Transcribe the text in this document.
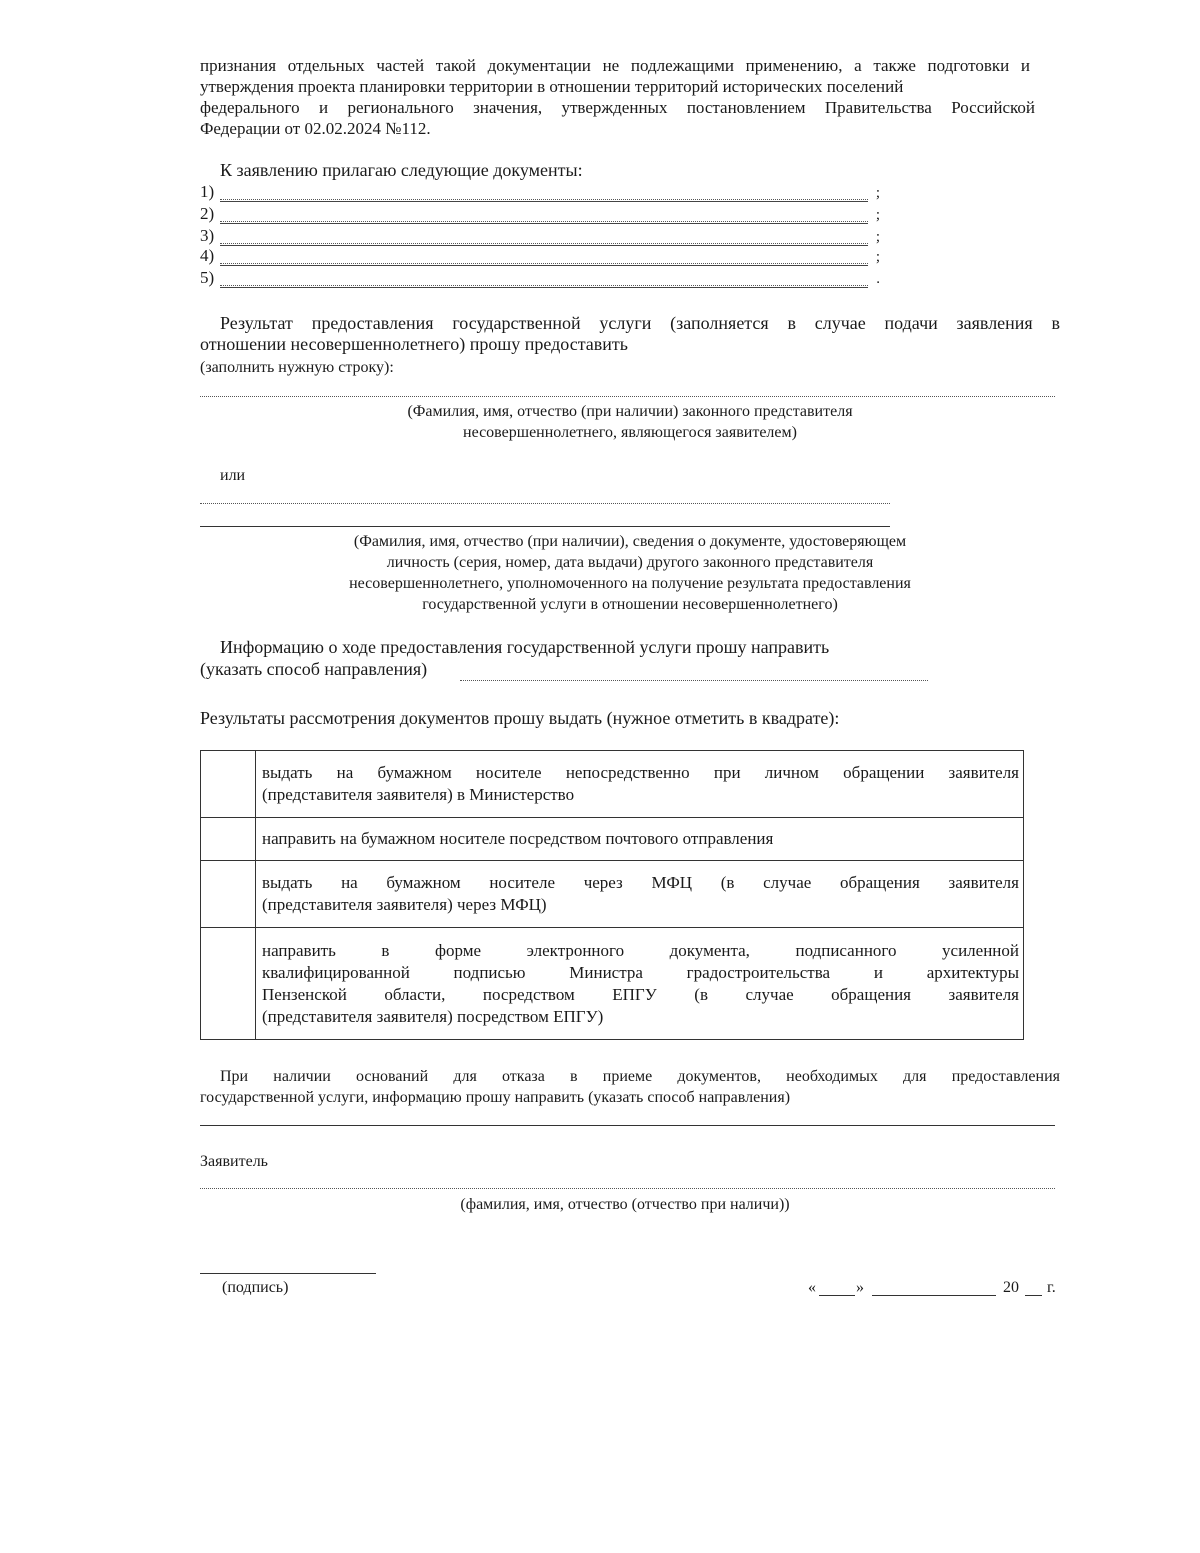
признания отдельных частей такой документации не подлежащими применению, а также подготовки и
утверждения проекта планировки территории в отношении территорий исторических поселений
федерального и регионального значения, утвержденных постановлением Правительства Российской
Федерации от 02.02.2024 №112.
К заявлению прилагаю следующие документы:
1)	;
2)	;
3)	;
4)	;
5)	.
Результат предоставления государственной услуги (заполняется в случае подачи заявления в
отношении несовершеннолетнего) прошу предоставить
(заполнить нужную строку):
(Фамилия, имя, отчество (при наличии) законного представителя
несовершеннолетнего, являющегося заявителем)
или
(Фамилия, имя, отчество (при наличии), сведения о документе, удостоверяющем
личность (серия, номер, дата выдачи) другого законного представителя
несовершеннолетнего, уполномоченного на получение результата предоставления
государственной услуги в отношении несовершеннолетнего)
Информацию о ходе предоставления государственной услуги прошу направить
(указать способ направления)
Результаты рассмотрения документов прошу выдать (нужное отметить в квадрате):

	выдать на бумажном носителе непосредственно при личном обращении заявителя
(представителя заявителя) в Министерство

	направить на бумажном носителе посредством почтового отправления

	выдать на бумажном носителе через МФЦ (в случае обращения заявителя
(представителя заявителя) через МФЦ)

	направить в форме электронного документа, подписанного усиленной
квалифицированной подписью Министра градостроительства и архитектуры
Пензенской области, посредством ЕПГУ (в случае обращения заявителя
(представителя заявителя) посредством ЕПГУ)
При наличии оснований для отказа в приеме документов, необходимых для предоставления
государственной услуги, информацию прошу направить (указать способ направления)
Заявитель
(фамилия, имя, отчество (отчество при наличи))
(подпись)	«	»	20 г.
